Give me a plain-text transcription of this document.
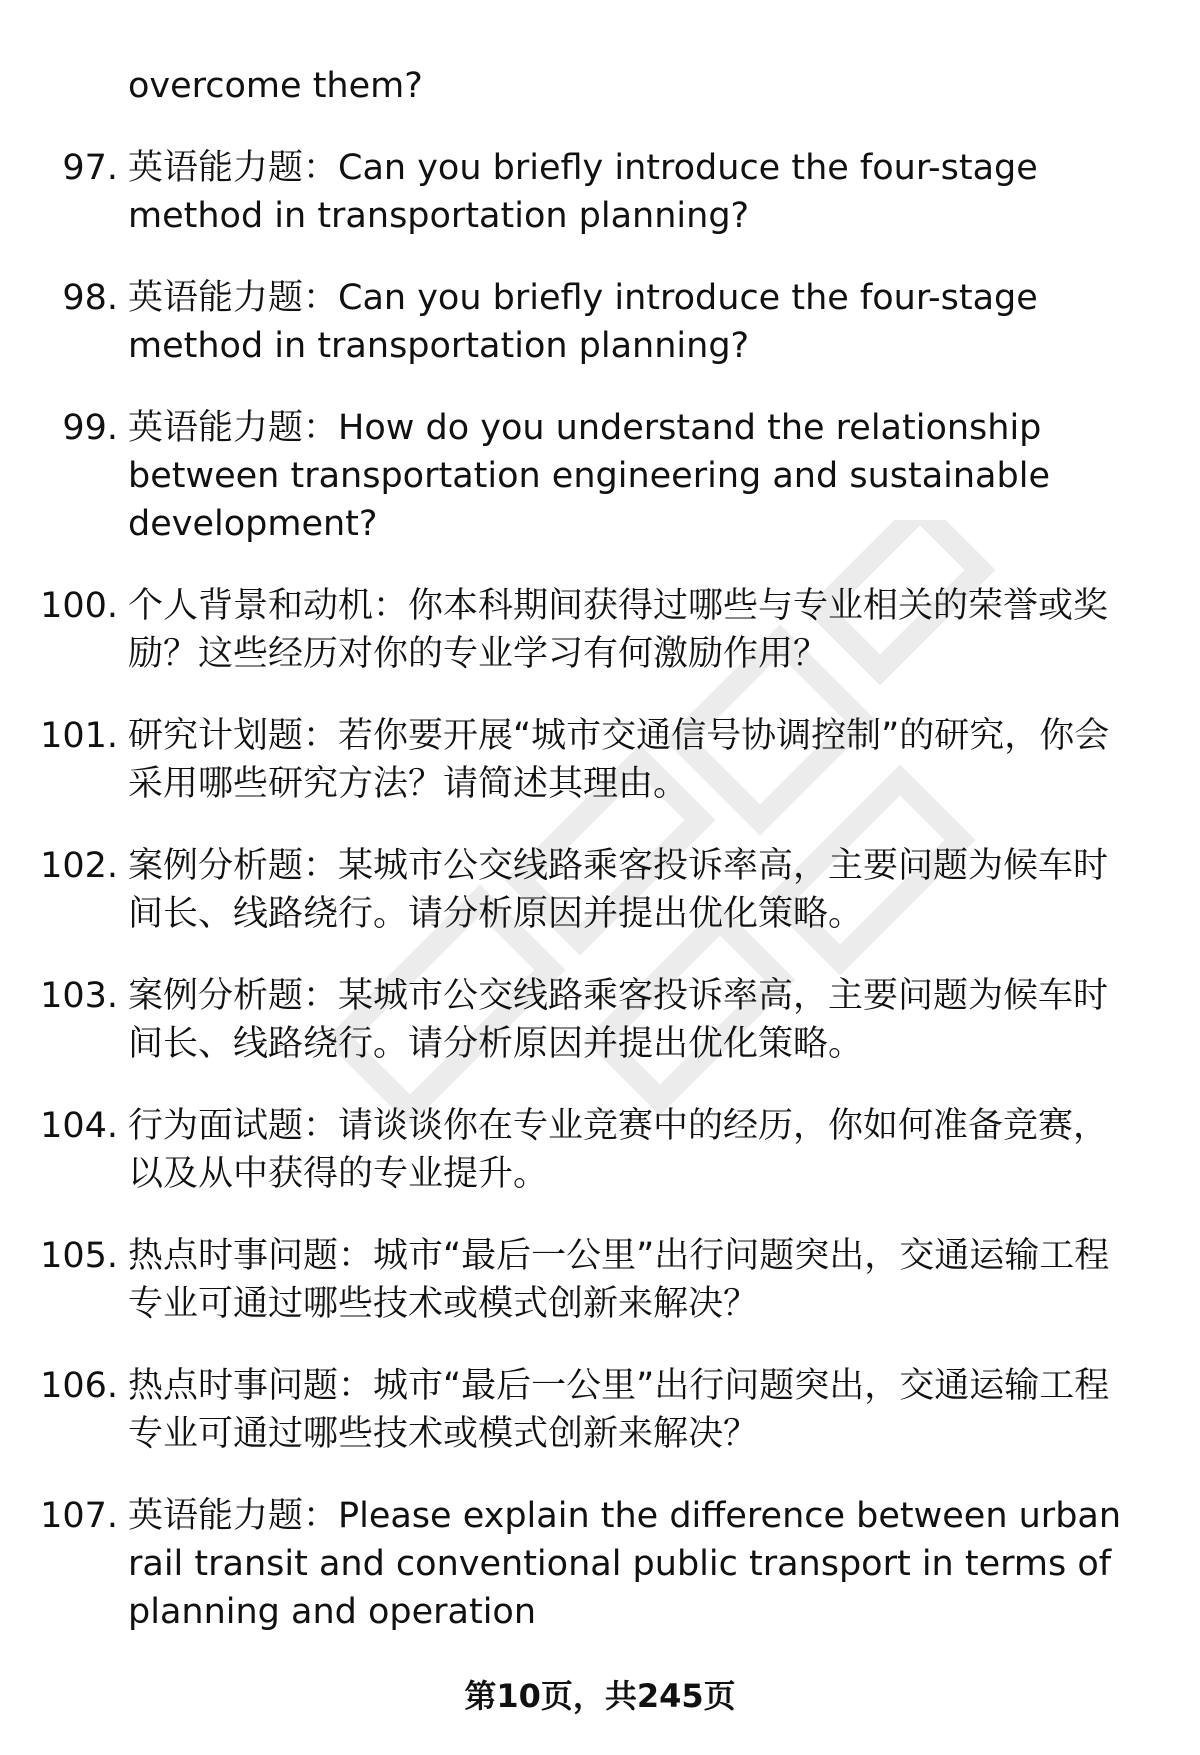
overcome them?
97. 英语能力题：Can you briefly introduce the four-stage method in transportation planning?
98. 英语能力题：Can you briefly introduce the four-stage method in transportation planning?
99. 英语能力题：How do you understand the relationship between transportation engineering and sustainable development?
100. 个人背景和动机：你本科期间获得过哪些与专业相关的荣誉或奖励？这些经历对你的专业学习有何激励作用？
101. 研究计划题：若你要开展“城市交通信号协调控制”的研究，你会采用哪些研究方法？请简述其理由。
102. 案例分析题：某城市公交线路乘客投诉率高，主要问题为候车时间长、线路绕行。请分析原因并提出优化策略。
103. 案例分析题：某城市公交线路乘客投诉率高，主要问题为候车时间长、线路绕行。请分析原因并提出优化策略。
104. 行为面试题：请谈谈你在专业竞赛中的经历，你如何准备竞赛，以及从中获得的专业提升。
105. 热点时事问题：城市“最后一公里”出行问题突出，交通运输工程专业可通过哪些技术或模式创新来解决？
106. 热点时事问题：城市“最后一公里”出行问题突出，交通运输工程专业可通过哪些技术或模式创新来解决？
107. 英语能力题：Please explain the difference between urban rail transit and conventional public transport in terms of planning and operation
第10页，共245页
